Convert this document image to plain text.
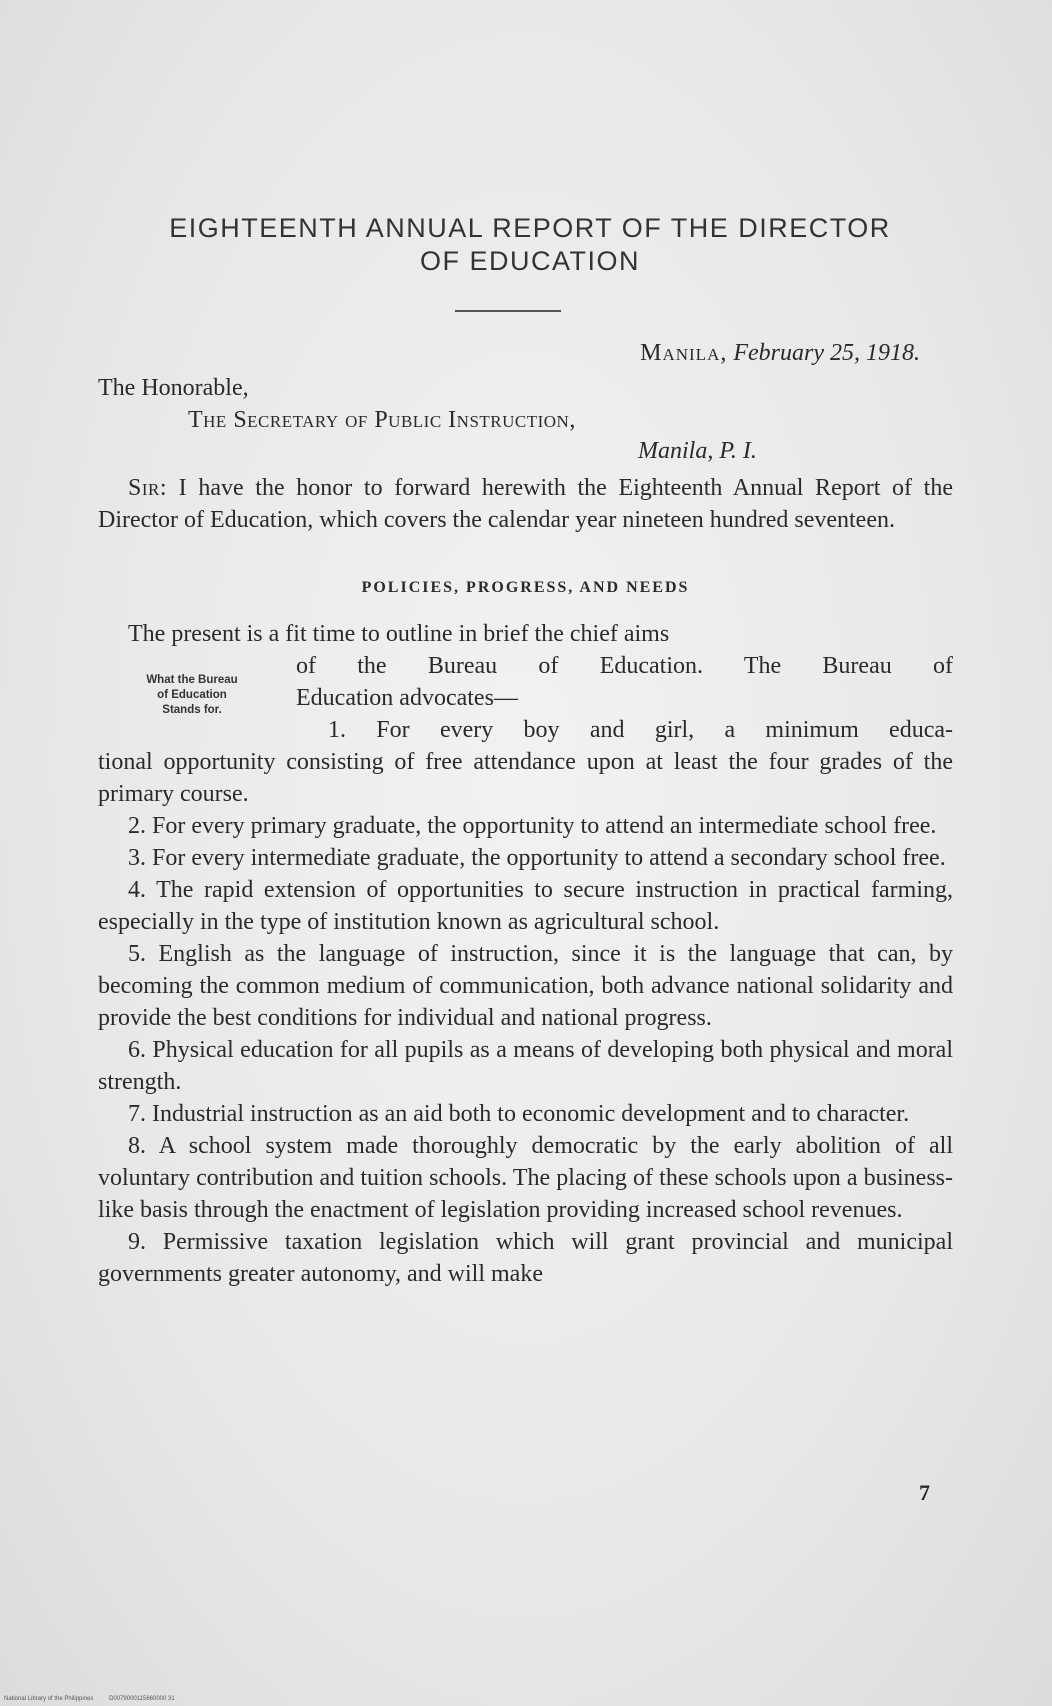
EIGHTEENTH ANNUAL REPORT OF THE DIRECTOR
OF EDUCATION
Manila, February 25, 1918.
The Honorable,
The Secretary of Public Instruction,
Manila, P. I.

Sir: I have the honor to forward herewith the Eighteenth Annual Report of the Director of Education, which covers the calendar year nineteen hundred seventeen.

POLICIES, PROGRESS, AND NEEDS
What the Bureau
of Education
Stands for.

The present is a fit time to outline in brief the chief aims

of the Bureau of Education. The Bureau of
Education advocates—
1. For every boy and girl, a minimum educa-
tional opportunity consisting of free attendance upon at least the four grades of the primary course.

2. For every primary graduate, the opportunity to attend an intermediate school free.

3. For every intermediate graduate, the opportunity to attend a secondary school free.

4. The rapid extension of opportunities to secure instruction in practical farming, especially in the type of institution known as agricultural school.

5. English as the language of instruction, since it is the language that can, by becoming the common medium of communication, both advance national solidarity and provide the best conditions for individual and national progress.

6. Physical education for all pupils as a means of developing both physical and moral strength.

7. Industrial instruction as an aid both to economic development and to character.

8. A school system made thoroughly democratic by the early abolition of all voluntary contribution and tuition schools. The placing of these schools upon a business-like basis through the enactment of legislation providing increased school revenues.

9. Permissive taxation legislation which will grant provincial and municipal governments greater autonomy, and will make

7
National Library of the Philippines	D0079000115660000 31
